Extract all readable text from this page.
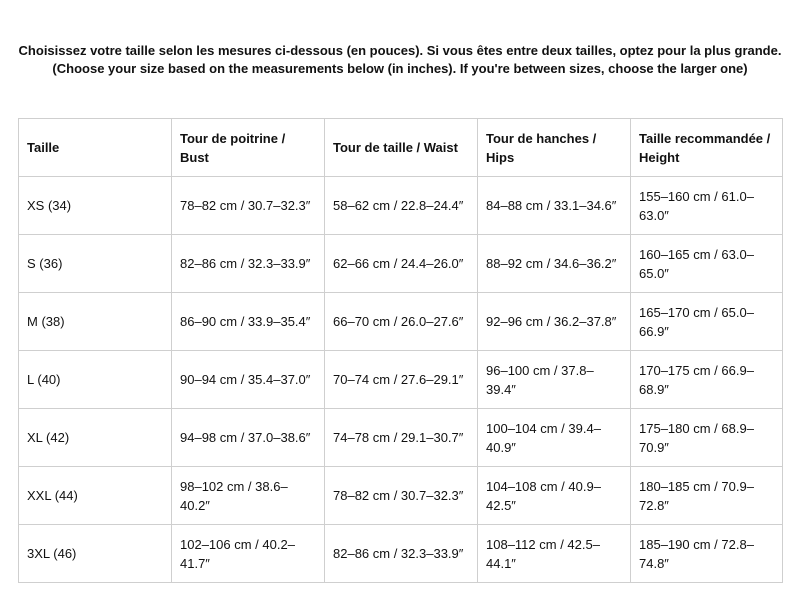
Choisissez votre taille selon les mesures ci-dessous (en pouces). Si vous êtes entre deux tailles, optez pour la plus grande.

(Choose your size based on the measurements below (in inches). If you're between sizes, choose the larger one)

Taille	Tour de poitrine / Bust	Tour de taille / Waist	Tour de hanches / Hips	Taille recommandée / Height
XS (34)	78–82 cm / 30.7–32.3″	58–62 cm / 22.8–24.4″	84–88 cm / 33.1–34.6″	155–160 cm / 61.0–63.0″
S (36)	82–86 cm / 32.3–33.9″	62–66 cm / 24.4–26.0″	88–92 cm / 34.6–36.2″	160–165 cm / 63.0–65.0″
M (38)	86–90 cm / 33.9–35.4″	66–70 cm / 26.0–27.6″	92–96 cm / 36.2–37.8″	165–170 cm / 65.0–66.9″
L (40)	90–94 cm / 35.4–37.0″	70–74 cm / 27.6–29.1″	96–100 cm / 37.8–39.4″	170–175 cm / 66.9–68.9″
XL (42)	94–98 cm / 37.0–38.6″	74–78 cm / 29.1–30.7″	100–104 cm / 39.4–40.9″	175–180 cm / 68.9–70.9″
XXL (44)	98–102 cm / 38.6–40.2″	78–82 cm / 30.7–32.3″	104–108 cm / 40.9–42.5″	180–185 cm / 70.9–72.8″
3XL (46)	102–106 cm / 40.2–41.7″	82–86 cm / 32.3–33.9″	108–112 cm / 42.5–44.1″	185–190 cm / 72.8–74.8″
